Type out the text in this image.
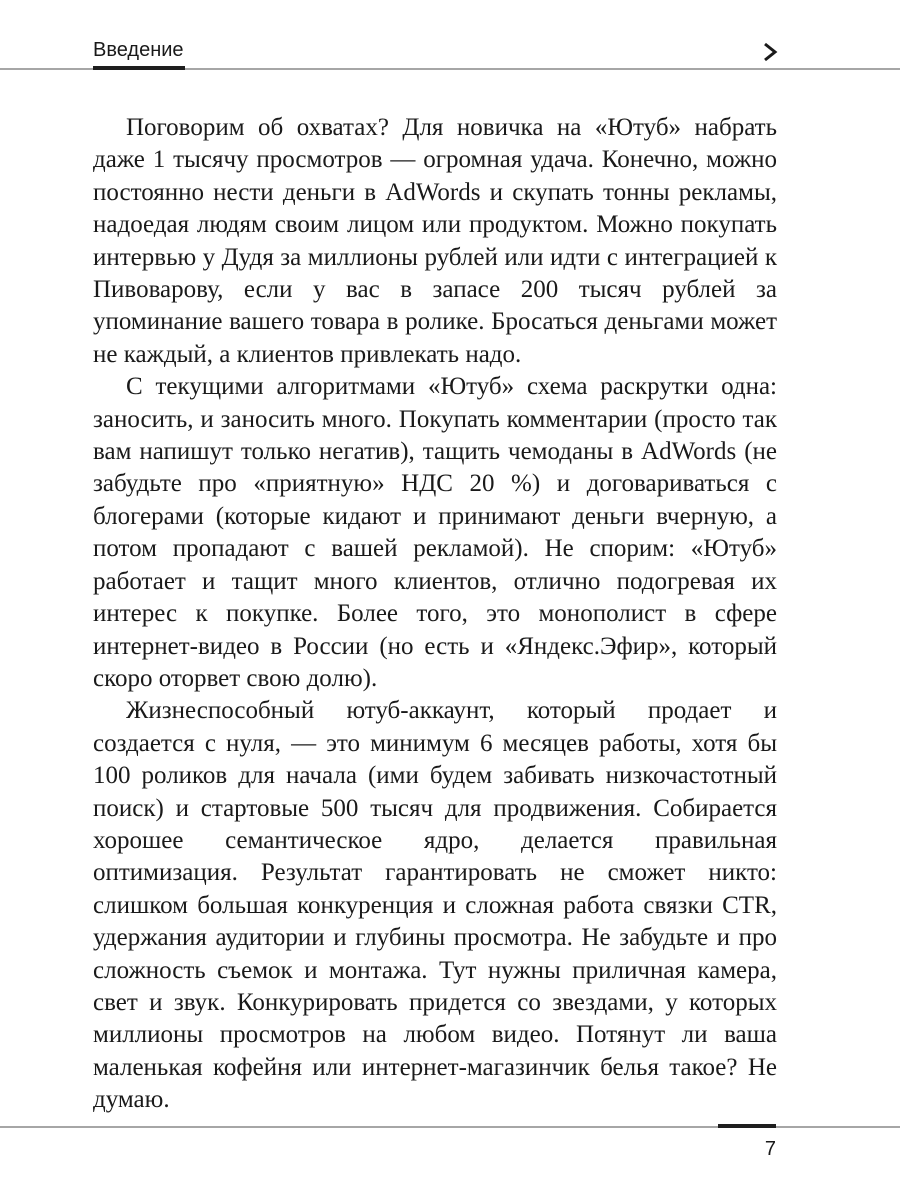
Введение

Поговорим об охватах? Для новичка на «Ютуб» набрать даже 1 тысячу просмотров — огромная удача. Конечно, можно постоянно нести деньги в AdWords и скупать тонны рекламы, надоедая людям своим лицом или продуктом. Можно покупать интервью у Дудя за миллионы рублей или идти с интеграцией к Пивоварову, если у вас в запасе 200 тысяч рублей за упоминание вашего товара в ролике. Бросаться деньгами может не каждый, а клиентов привлекать надо.

С текущими алгоритмами «Ютуб» схема раскрутки одна: заносить, и заносить много. Покупать комментарии (просто так вам напишут только негатив), тащить чемоданы в AdWords (не забудьте про «приятную» НДС 20 %) и договариваться с блогерами (которые кидают и принимают деньги вчерную, а потом пропадают с вашей рекламой). Не спорим: «Ютуб» работает и тащит много клиентов, отлично подогревая их интерес к покупке. Более того, это монополист в сфере интернет-видео в России (но есть и «Яндекс.Эфир», который скоро оторвет свою долю).

Жизнеспособный ютуб-аккаунт, который продает и создается с нуля, — это минимум 6 месяцев работы, хотя бы 100 роликов для начала (ими будем забивать низкочастотный поиск) и стартовые 500 тысяч для продвижения. Собирается хорошее семантическое ядро, делается правильная оптимизация. Результат гарантировать не сможет никто: слишком большая конкуренция и сложная работа связки CTR, удержания аудитории и глубины просмотра. Не забудьте и про сложность съемок и монтажа. Тут нужны приличная камера, свет и звук. Конкурировать придется со звездами, у которых миллионы просмотров на любом видео. Потянут ли ваша маленькая кофейня или интернет-магазинчик белья такое? Не думаю.

7
